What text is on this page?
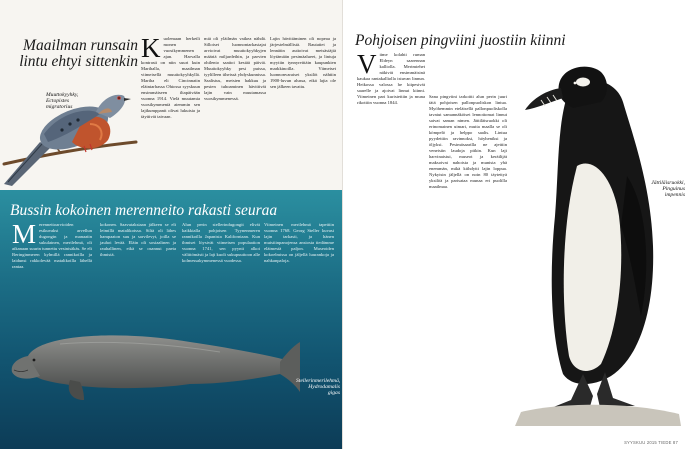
Maailman runsain lintu ehtyi sittenkin

Muuttokyyhky, Ectopistes migratorius

K uolemaan herkeili monen vuosikymmenen ajan. Harvalla kontrasti on niin suuri kuin Marthalla, maailman viimeisellä muuttokyyhkyllä. Martha eli Cincinnatin eläintarhassa Ohiossa syyskuun ensimmäiseen iltapäivään vuonna 1914. Vielä muutamia vuosikymmeniä aiemmin sen lajikumppanit olivat lukuisia ja täyttivät taivaan.
miä oli yläilmän vaikea nähdä. Silloiset luonnontarkastajat arvioivat muuttokyyhkyjen määriä miljardeihin, ja parvien ohilento saattoi kestää päiviä. Muuttokyyhky pesi puissa, tyylilleen tiheissä yhdyskunnissa. Saalistus, metsien hakkuu ja pesien tuhoaminen hävittivät lajin vain muutamassa vuosikymmenessä.
Lajin hävittäminen oli nopeaa ja järjestelmällistä. Rautatiet ja lennätin auttoivat metsästäjiä löytämään pesimäalueet, ja lintuja myytiin tynnyreittäin kaupunkien markkinoilla. Viimeiset luonnonvaraiset yksilöt nähtiin 1900-luvun alussa, eikä lajia ole sen jälkeen tavattu.
M erenneitoarvioiden esikuvaksi arvellun dugongin ja manaatin sukulainen, merilehmä, oli aikanaan suurin tunnettu vesinisäkäs. Se eli Beringinmeren kylmillä rannikoilla ja laidunsi rakkolevää matalikoilla lähellä rantaa.
kokonen. Saavutaksiaan jälkeen se eli leimillä matalikoissa. Siltä oli lähes hampaaton suu ja sarvilevyt, joilla se jauhoi levää. Eläin oli sosiaalinen ja rauhallinen, eikä se osannut paeta ihmistä.
Alun perin stellerindugongit elivät kaikkialla pohjoisen Tyynenmeren rannikoilla Japanista Kaliforniaan. Kun ihmiset löysivät viimeisen populaation vuonna 1741, sen pyynti alkoi välittömästi ja laji kuoli sukupuuttoon alle kolmessakymmenessä vuodessa.
Viimeinen merilehmä tapettiin vuonna 1768. Georg Steller kuvasi lajin tarkasti, ja hänen muistiinpanojensa ansiosta tiedämme eläimestä paljon. Museoiden kokoelmissa on jäljellä luurankoja ja nahkanpaloja.
Bussin kokoinen merenneito rakasti seuraa

Stellerinmerilehmä, Hydrodamalis gigas

Pohjoisen pingviini juostiin kiinni
V iime kolahti ruman Eldeyn saarennan kalliolla. Merimiehet näkivät ensimmäisinä kaukaa rantakalliolla istuvan linnun. Heikossa valossa he kiipesivät saarelle ja ajoivat linnut kiinni. Viimeinen pari kuristettiin ja muna rikottiin vuonna 1844.
Sana pingviini tarkoitti alun perin juuri tätä pohjoisen pallonpuoliskon lintua. Myöhemmin eteläisellä pallonpuoliskolla tavatut samannäköiset lennottomat linnut saivat saman nimen. Jättiläisruokki oli erinomainen uimari, mutta maalla se oli kömpelö ja helppo saalis. Lintua pyydettiin ravinnoksi, höyheniksi ja öljyksi. Pesimäsaarilla ne ajettiin veneisiin laudoja pitkin. Kun laji harvinaistui, museot ja keräilijät maksoivat nahoista ja munista yhä enemmän, mikä kiihdytti lajin loppua. Nykyisin jäljellä on noin 80 täytettyä yksilöä ja parisataa munaa eri puolilla maailmaa.

Jättiläisruokki, Pinguinus impennis

SYYSKUU 2015 TIEDE 87
